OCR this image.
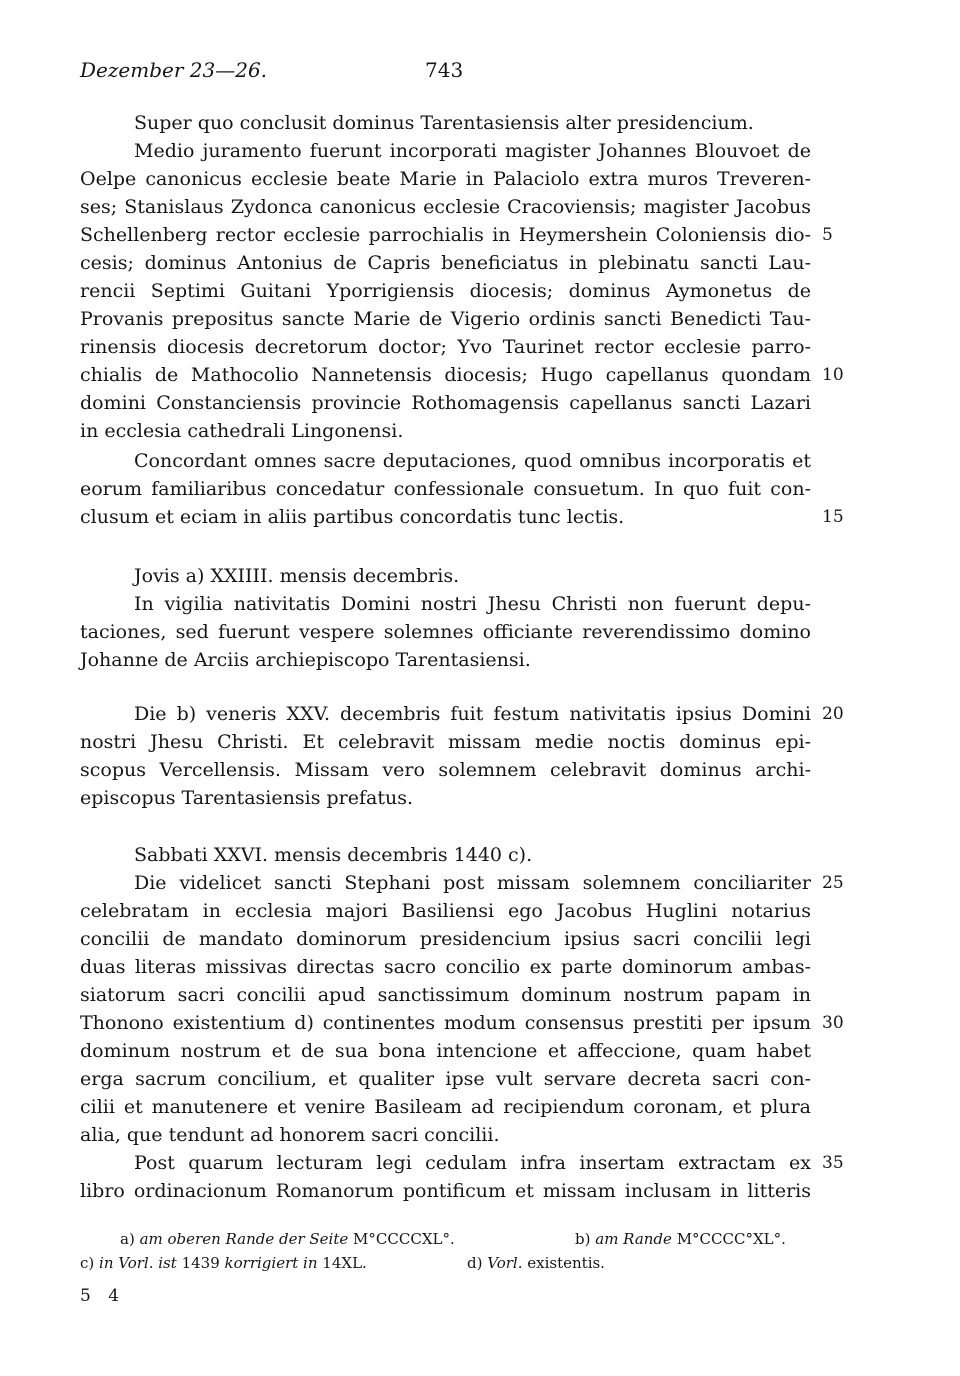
Dezember 23—26.	743
Super quo conclusit dominus Tarentasiensis alter presidencium.
Medio juramento fuerunt incorporati magister Johannes Blouvoet de
Oelpe canonicus ecclesie beate Marie in Palaciolo extra muros Treveren-
ses; Stanislaus Zydonca canonicus ecclesie Cracoviensis; magister Jacobus
Schellenberg rector ecclesie parrochialis in Heymershein Coloniensis dio-
cesis; dominus Antonius de Capris beneficiatus in plebinatu sancti Lau-
rencii Septimi Guitani Yporrigiensis diocesis; dominus Aymonetus de
Provanis prepositus sancte Marie de Vigerio ordinis sancti Benedicti Tau-
rinensis diocesis decretorum doctor; Yvo Taurinet rector ecclesie parro-
chialis de Mathocolio Nannetensis diocesis; Hugo capellanus quondam
domini Constanciensis provincie Rothomagensis capellanus sancti Lazari
in ecclesia cathedrali Lingonensi.
Concordant omnes sacre deputaciones, quod omnibus incorporatis et
eorum familiaribus concedatur confessionale consuetum. In quo fuit con-
clusum et eciam in aliis partibus concordatis tunc lectis.
Jovis a) XXIIII. mensis decembris.
In vigilia nativitatis Domini nostri Jhesu Christi non fuerunt depu-
taciones, sed fuerunt vespere solemnes officiante reverendissimo domino
Johanne de Arciis archiepiscopo Tarentasiensi.
Die b) veneris XXV. decembris fuit festum nativitatis ipsius Domini
nostri Jhesu Christi. Et celebravit missam medie noctis dominus epi-
scopus Vercellensis. Missam vero solemnem celebravit dominus archi-
episcopus Tarentasiensis prefatus.
Sabbati XXVI. mensis decembris 1440 c).
Die videlicet sancti Stephani post missam solemnem conciliariter
celebratam in ecclesia majori Basiliensi ego Jacobus Huglini notarius
concilii de mandato dominorum presidencium ipsius sacri concilii legi
duas literas missivas directas sacro concilio ex parte dominorum ambas-
siatorum sacri concilii apud sanctissimum dominum nostrum papam in
Thonono existentium d) continentes modum consensus prestiti per ipsum
dominum nostrum et de sua bona intencione et affeccione, quam habet
erga sacrum concilium, et qualiter ipse vult servare decreta sacri con-
cilii et manutenere et venire Basileam ad recipiendum coronam, et plura
alia, que tendunt ad honorem sacri concilii.
Post quarum lecturam legi cedulam infra insertam extractam ex
libro ordinacionum Romanorum pontificum et missam inclusam in litteris
5
10
15
20
25
30
35
a) am oberen Rande der Seite M°CCCCXL°.	b) am Rande M°CCCC°XL°.
c) in Vorl. ist 1439 korrigiert in 14XL.	d) Vorl. existentis.
5 4
